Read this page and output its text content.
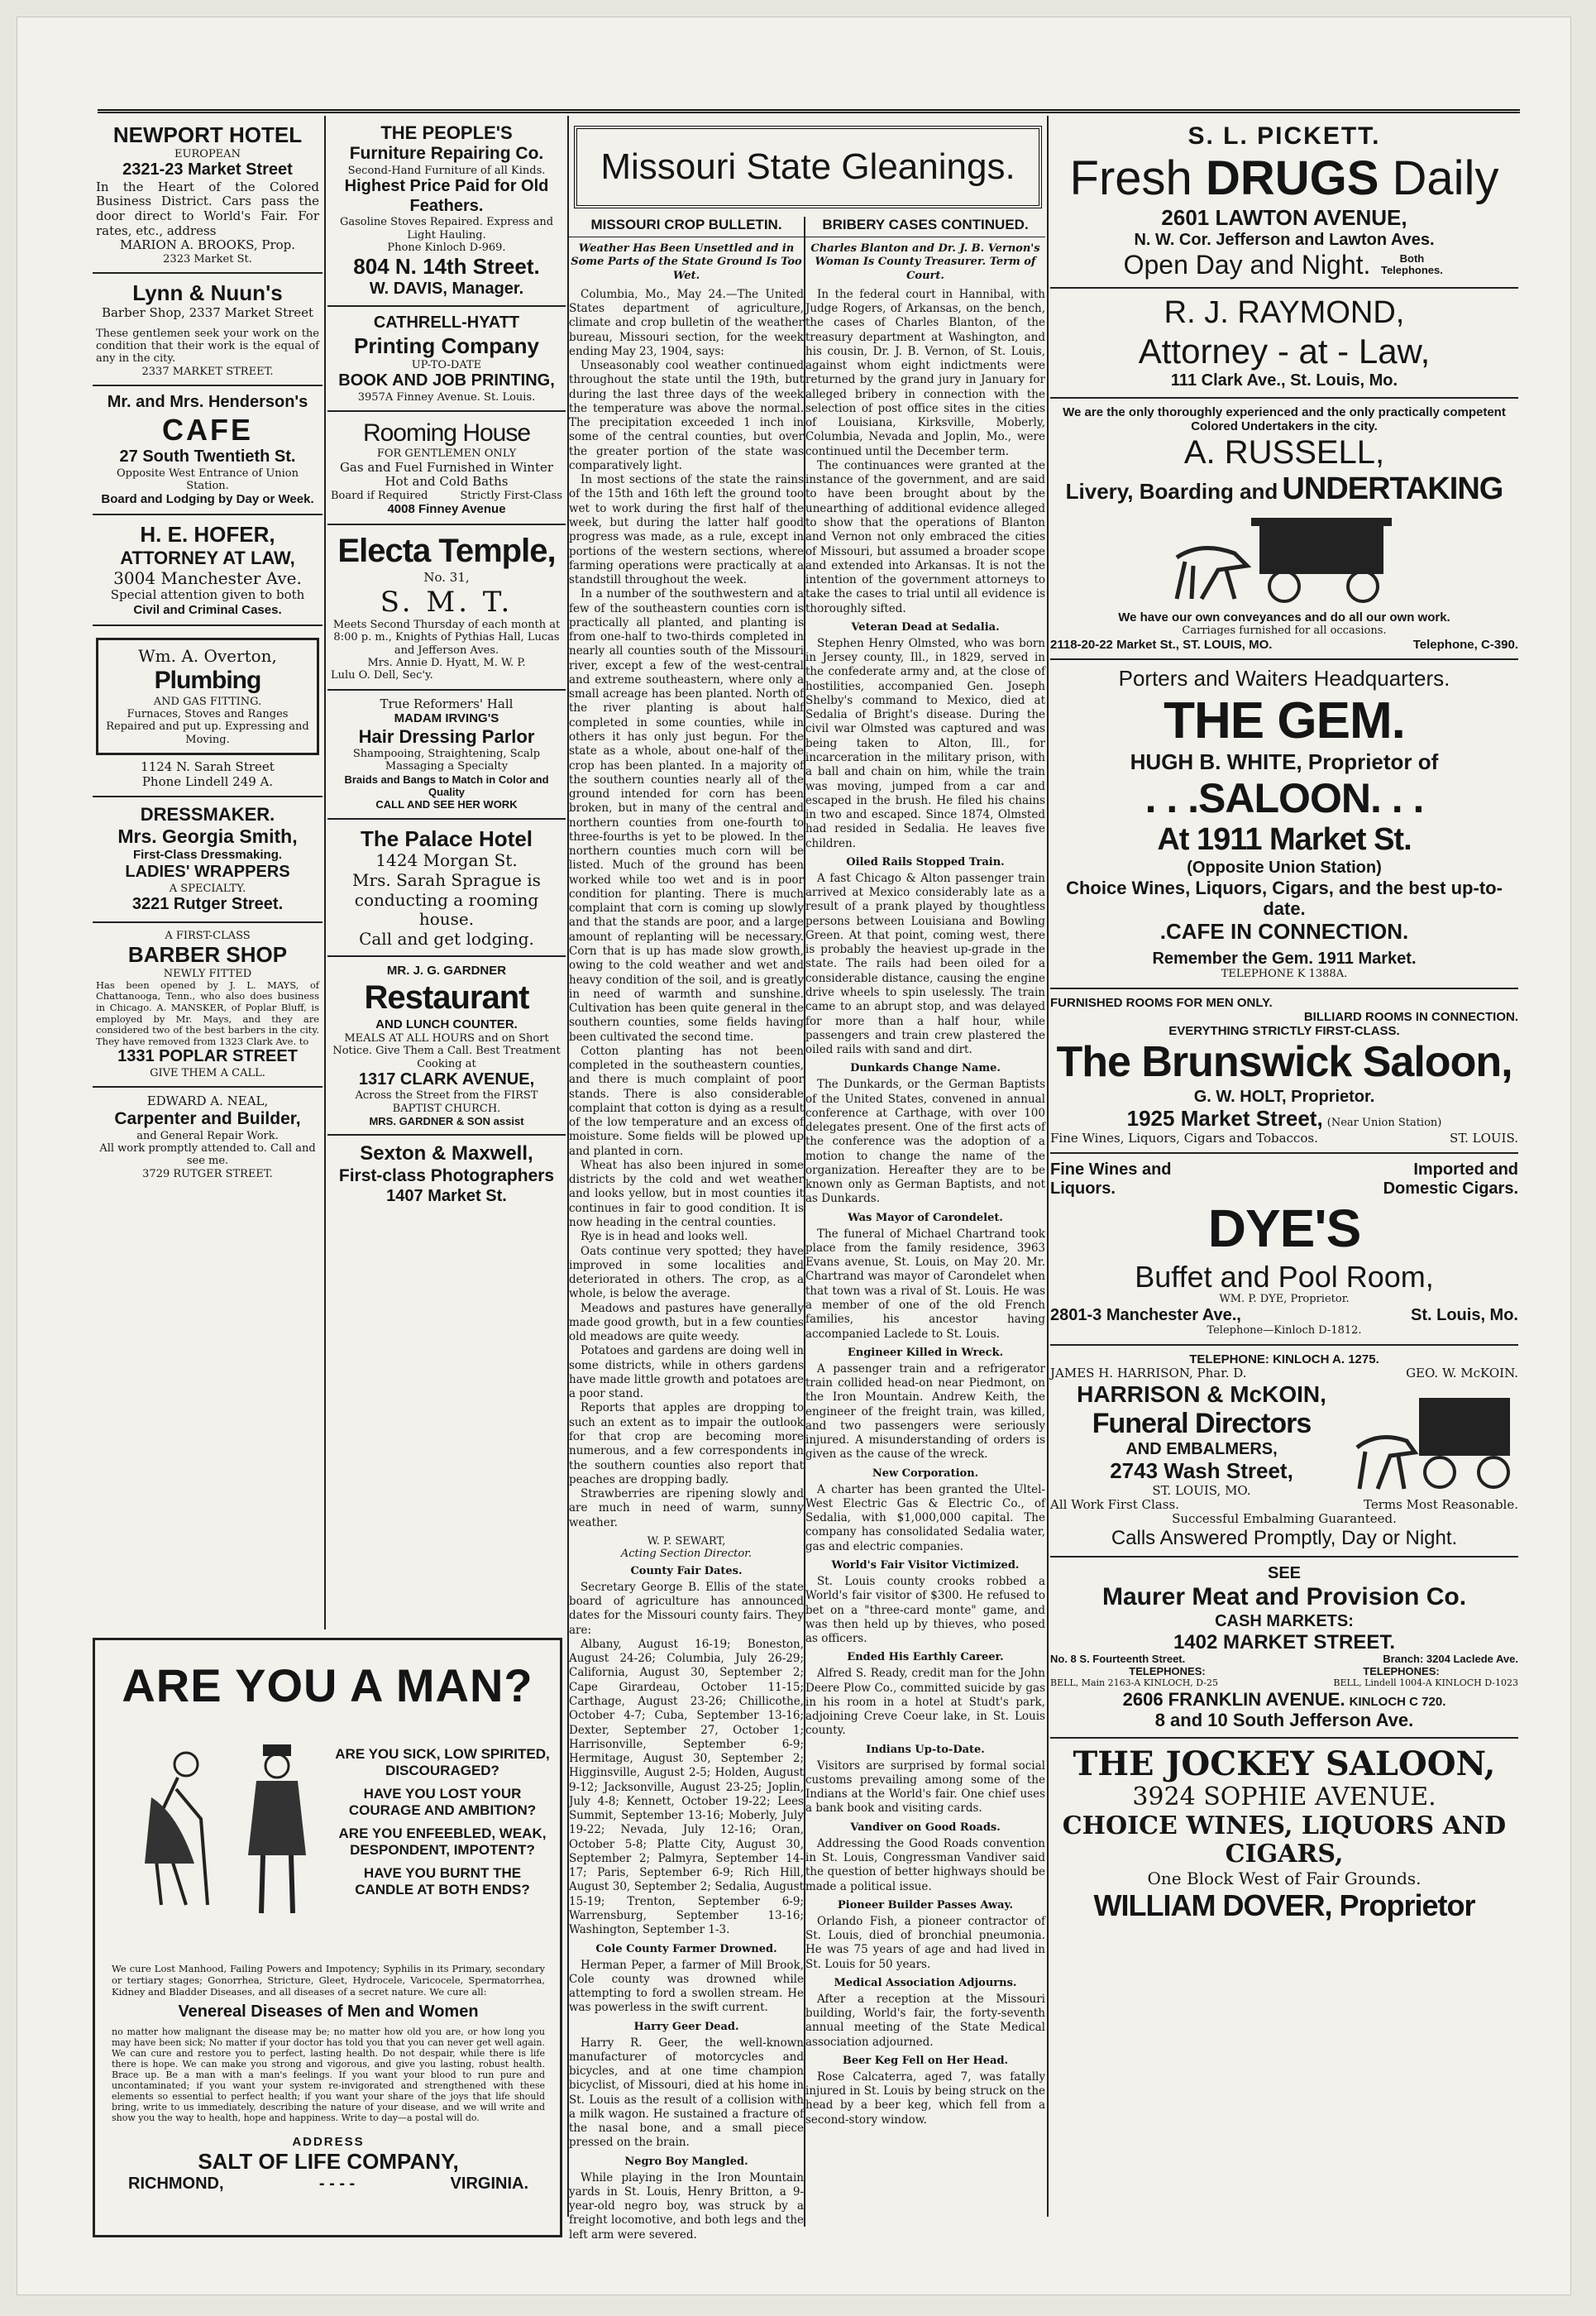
NEWPORT HOTEL
EUROPEAN
2321-23 Market Street
In the Heart of the Colored Business District. Cars pass the door direct to World's Fair. For rates, etc., address
MARION A. BROOKS, Prop.
2323 Market St.
Lynn & Nuun's
Barber Shop, 2337 Market Street
These gentlemen seek your work on the condition that their work is the equal of any in the city.
2337 MARKET STREET.
Mr. and Mrs. Henderson's
CAFE
27 South Twentieth St.
Opposite West Entrance of Union Station.
Board and Lodging by Day or Week.
H. E. HOFER,
ATTORNEY AT LAW,
3004 Manchester Ave.
Special attention given to both
Civil and Criminal Cases.
Wm. A. Overton,
Plumbing
AND GAS FITTING.
Furnaces, Stoves and Ranges Repaired and put up. Expressing and Moving.
1124 N. Sarah Street
Phone Lindell 249 A.
DRESSMAKER.
Mrs. Georgia Smith,
First-Class Dressmaking.
LADIES' WRAPPERS
A SPECIALTY.
3221 Rutger Street.
A FIRST-CLASS
BARBER SHOP
NEWLY FITTED
Has been opened by J. L. MAYS, of Chattanooga, Tenn., who also does business in Chicago. A. MANSKER, of Poplar Bluff, is employed by Mr. Mays, and they are considered two of the best barbers in the city. They have removed from 1323 Clark Ave. to
1331 POPLAR STREET
GIVE THEM A CALL.
EDWARD A. NEAL,
Carpenter and Builder,
and General Repair Work.
All work promptly attended to. Call and see me.
3729 RUTGER STREET.
THE PEOPLE'S
Furniture Repairing Co.
Second-Hand Furniture of all Kinds.
Highest Price Paid for Old Feathers.
Gasoline Stoves Repaired. Express and Light Hauling.
Phone Kinloch D-969.
804 N. 14th Street.
W. DAVIS, Manager.
CATHRELL-HYATT
Printing Company
UP-TO-DATE
BOOK AND JOB PRINTING,
3957A Finney Avenue. St. Louis.
Rooming House
FOR GENTLEMEN ONLY
Gas and Fuel Furnished in Winter Hot and Cold Baths
Board if Required	Strictly First-Class
4008 Finney Avenue
Electa Temple,
No. 31,
S. M. T.
Meets Second Thursday of each month at 8:00 p. m., Knights of Pythias Hall, Lucas and Jefferson Aves.
Mrs. Annie D. Hyatt, M. W. P.
Lulu O. Dell, Sec'y.
True Reformers' Hall
MADAM IRVING'S
Hair Dressing Parlor
Shampooing, Straightening, Scalp Massaging a Specialty
Braids and Bangs to Match in Color and Quality
CALL AND SEE HER WORK
The Palace Hotel
1424 Morgan St.
Mrs. Sarah Sprague is conducting a rooming house.
Call and get lodging.
MR. J. G. GARDNER
Restaurant
AND LUNCH COUNTER.
MEALS AT ALL HOURS and on Short Notice. Give Them a Call. Best Treatment Cooking at
1317 CLARK AVENUE,
Across the Street from the FIRST BAPTIST CHURCH.
MRS. GARDNER & SON assist
Sexton & Maxwell,
First-class Photographers
1407 Market St.
ARE YOU A MAN?
ARE YOU SICK, LOW SPIRITED, DISCOURAGED?
HAVE YOU LOST YOUR COURAGE AND AMBITION?
ARE YOU ENFEEBLED, WEAK, DESPONDENT, IMPOTENT?
HAVE YOU BURNT THE CANDLE AT BOTH ENDS?
We cure Lost Manhood, Failing Powers and Impotency; Syphilis in its Primary, secondary or tertiary stages; Gonorrhea, Stricture, Gleet, Hydrocele, Varicocele, Spermatorrhea, Kidney and Bladder Diseases, and all diseases of a secret nature. We cure all:
Venereal Diseases of Men and Women
no matter how malignant the disease may be; no matter how old you are, or how long you may have been sick; No matter if your doctor has told you that you can never get well again. We can cure and restore you to perfect, lasting health. Do not despair, while there is life there is hope. We can make you strong and vigorous, and give you lasting, robust health. Brace up. Be a man with a man's feelings. If you want your blood to run pure and uncontaminated; if you want your system re-invigorated and strengthened with these elements so essential to perfect health; if you want your share of the joys that life should bring, write to us immediately, describing the nature of your disease, and we will write and show you the way to health, hope and happiness. Write to day—a postal will do.
ADDRESS
SALT OF LIFE COMPANY,
RICHMOND,	- - - -	VIRGINIA.
Missouri State Gleanings.
MISSOURI CROP BULLETIN.
Weather Has Been Unsettled and in Some Parts of the State Ground Is Too Wet.

Columbia, Mo., May 24.—The United States department of agriculture, climate and crop bulletin of the weather bureau, Missouri section, for the week ending May 23, 1904, says:

Unseasonably cool weather continued throughout the state until the 19th, but during the last three days of the week the temperature was above the normal. The precipitation exceeded 1 inch in some of the central counties, but over the greater portion of the state was comparatively light.

In most sections of the state the rains of the 15th and 16th left the ground too wet to work during the first half of the week, but during the latter half good progress was made, as a rule, except in portions of the western sections, where farming operations were practically at a standstill throughout the week.

In a number of the southwestern and a few of the southeastern counties corn is practically all planted, and planting is from one-half to two-thirds completed in nearly all counties south of the Missouri river, except a few of the west-central and extreme southeastern, where only a small acreage has been planted. North of the river planting is about half completed in some counties, while in others it has only just begun. For the state as a whole, about one-half of the crop has been planted. In a majority of the southern counties nearly all of the ground intended for corn has been broken, but in many of the central and northern counties from one-fourth to three-fourths is yet to be plowed. In the northern counties much corn will be listed. Much of the ground has been worked while too wet and is in poor condition for planting. There is much complaint that corn is coming up slowly and that the stands are poor, and a large amount of replanting will be necessary. Corn that is up has made slow growth, owing to the cold weather and wet and heavy condition of the soil, and is greatly in need of warmth and sunshine. Cultivation has been quite general in the southern counties, some fields having been cultivated the second time.

Cotton planting has not been completed in the southeastern counties, and there is much complaint of poor stands. There is also considerable complaint that cotton is dying as a result of the low temperature and an excess of moisture. Some fields will be plowed up and planted in corn.

Wheat has also been injured in some districts by the cold and wet weather and looks yellow, but in most counties it continues in fair to good condition. It is now heading in the central counties.

Rye is in head and looks well.

Oats continue very spotted; they have improved in some localities and deteriorated in others. The crop, as a whole, is below the average.

Meadows and pastures have generally made good growth, but in a few counties old meadows are quite weedy.

Potatoes and gardens are doing well in some districts, while in others gardens have made little growth and potatoes are a poor stand.

Reports that apples are dropping to such an extent as to impair the outlook for that crop are becoming more numerous, and a few correspondents in the southern counties also report that peaches are dropping badly.

Strawberries are ripening slowly and are much in need of warm, sunny weather.

W. P. SEWART,
Acting Section Director.
County Fair Dates.

Secretary George B. Ellis of the state board of agriculture has announced dates for the Missouri county fairs. They are:

Albany, August 16-19; Boneston, August 24-26; Columbia, July 26-29; California, August 30, September 2; Cape Girardeau, October 11-15; Carthage, August 23-26; Chillicothe, October 4-7; Cuba, September 13-16; Dexter, September 27, October 1; Harrisonville, September 6-9; Hermitage, August 30, September 2; Higginsville, August 2-5; Holden, August 9-12; Jacksonville, August 23-25; Joplin, July 4-8; Kennett, October 19-22; Lees Summit, September 13-16; Moberly, July 19-22; Nevada, July 12-16; Oran, October 5-8; Platte City, August 30, September 2; Palmyra, September 14-17; Paris, September 6-9; Rich Hill, August 30, September 2; Sedalia, August 15-19; Trenton, September 6-9; Warrensburg, September 13-16; Washington, September 1-3.

Cole County Farmer Drowned.

Herman Peper, a farmer of Mill Brook, Cole county was drowned while attempting to ford a swollen stream. He was powerless in the swift current.

Harry Geer Dead.

Harry R. Geer, the well-known manufacturer of motorcycles and bicycles, and at one time champion bicyclist, of Missouri, died at his home in St. Louis as the result of a collision with a milk wagon. He sustained a fracture of the nasal bone, and a small piece pressed on the brain.

Negro Boy Mangled.

While playing in the Iron Mountain yards in St. Louis, Henry Britton, a 9-year-old negro boy, was struck by a freight locomotive, and both legs and the left arm were severed.

BRIBERY CASES CONTINUED.
Charles Blanton and Dr. J. B. Vernon's Woman Is County Treasurer. Term of Court.

In the federal court in Hannibal, with Judge Rogers, of Arkansas, on the bench, the cases of Charles Blanton, of the treasury department at Washington, and his cousin, Dr. J. B. Vernon, of St. Louis, against whom eight indictments were returned by the grand jury in January for alleged bribery in connection with the selection of post office sites in the cities of Louisiana, Kirksville, Moberly, Columbia, Nevada and Joplin, Mo., were continued until the December term.

The continuances were granted at the instance of the government, and are said to have been brought about by the unearthing of additional evidence alleged to show that the operations of Blanton and Vernon not only embraced the cities of Missouri, but assumed a broader scope and extended into Arkansas. It is not the intention of the government attorneys to take the cases to trial until all evidence is thoroughly sifted.

Veteran Dead at Sedalia.

Stephen Henry Olmsted, who was born in Jersey county, Ill., in 1829, served in the confederate army and, at the close of hostilities, accompanied Gen. Joseph Shelby's command to Mexico, died at Sedalia of Bright's disease. During the civil war Olmsted was captured and was being taken to Alton, Ill., for incarceration in the military prison, with a ball and chain on him, while the train was moving, jumped from a car and escaped in the brush. He filed his chains in two and escaped. Since 1874, Olmsted had resided in Sedalia. He leaves five children.

Oiled Rails Stopped Train.

A fast Chicago & Alton passenger train arrived at Mexico considerably late as a result of a prank played by thoughtless persons between Louisiana and Bowling Green. At that point, coming west, there is probably the heaviest up-grade in the state. The rails had been oiled for a considerable distance, causing the engine drive wheels to spin uselessly. The train came to an abrupt stop, and was delayed for more than a half hour, while passengers and train crew plastered the oiled rails with sand and dirt.

Dunkards Change Name.

The Dunkards, or the German Baptists of the United States, convened in annual conference at Carthage, with over 100 delegates present. One of the first acts of the conference was the adoption of a motion to change the name of the organization. Hereafter they are to be known only as German Baptists, and not as Dunkards.

Was Mayor of Carondelet.

The funeral of Michael Chartrand took place from the family residence, 3963 Evans avenue, St. Louis, on May 20. Mr. Chartrand was mayor of Carondelet when that town was a rival of St. Louis. He was a member of one of the old French families, his ancestor having accompanied Laclede to St. Louis.

Engineer Killed in Wreck.

A passenger train and a refrigerator train collided head-on near Piedmont, on the Iron Mountain. Andrew Keith, the engineer of the freight train, was killed, and two passengers were seriously injured. A misunderstanding of orders is given as the cause of the wreck.

New Corporation.

A charter has been granted the Ultel-West Electric Gas & Electric Co., of Sedalia, with $1,000,000 capital. The company has consolidated Sedalia water, gas and electric companies.

World's Fair Visitor Victimized.

St. Louis county crooks robbed a World's fair visitor of $300. He refused to bet on a "three-card monte" game, and was then held up by thieves, who posed as officers.

Ended His Earthly Career.

Alfred S. Ready, credit man for the John Deere Plow Co., committed suicide by gas in his room in a hotel at Studt's park, adjoining Creve Coeur lake, in St. Louis county.

Indians Up-to-Date.

Visitors are surprised by formal social customs prevailing among some of the Indians at the World's fair. One chief uses a bank book and visiting cards.

Vandiver on Good Roads.

Addressing the Good Roads convention in St. Louis, Congressman Vandiver said the question of better highways should be made a political issue.

Pioneer Builder Passes Away.

Orlando Fish, a pioneer contractor of St. Louis, died of bronchial pneumonia. He was 75 years of age and had lived in St. Louis for 50 years.

Medical Association Adjourns.

After a reception at the Missouri building, World's fair, the forty-seventh annual meeting of the State Medical association adjourned.

Beer Keg Fell on Her Head.

Rose Calcaterra, aged 7, was fatally injured in St. Louis by being struck on the head by a beer keg, which fell from a second-story window.

S. L. PICKETT.
Fresh DRUGS Daily
2601 LAWTON AVENUE,
N. W. Cor. Jefferson and Lawton Aves.
Open Day and Night.	Both Telephones.
R. J. RAYMOND,
Attorney - at - Law,
111 Clark Ave., St. Louis, Mo.
We are the only thoroughly experienced and the only practically competent Colored Undertakers in the city.
A. RUSSELL,
Livery, Boarding and UNDERTAKING
We have our own conveyances and do all our own work.
Carriages furnished for all occasions.
2118-20-22 Market St., ST. LOUIS, MO.	Telephone, C-390.
Porters and Waiters Headquarters.
THE GEM.
HUGH B. WHITE, Proprietor of
. . .SALOON. . .
At 1911 Market St.
(Opposite Union Station)
Choice Wines, Liquors, Cigars, and the best up-to-date.
.CAFE IN CONNECTION.
Remember the Gem. 1911 Market.
TELEPHONE K 1388A.
FURNISHED ROOMS FOR MEN ONLY.
BILLIARD ROOMS IN CONNECTION.
EVERYTHING STRICTLY FIRST-CLASS.
The Brunswick Saloon,
G. W. HOLT, Proprietor.
1925 Market Street, (Near Union Station)
Fine Wines, Liquors, Cigars and Tobaccos.	ST. LOUIS.
Fine Wines and Liquors.
Imported and Domestic Cigars.
DYE'S
Buffet and Pool Room,
WM. P. DYE, Proprietor.
2801-3 Manchester Ave.,	St. Louis, Mo.
Telephone—Kinloch D-1812.
TELEPHONE: KINLOCH A. 1275.
JAMES H. HARRISON, Phar. D.	GEO. W. McKOIN.
HARRISON & McKOIN,
Funeral Directors
AND EMBALMERS,
2743 Wash Street,
ST. LOUIS, MO.
All Work First Class.	Terms Most Reasonable.
Successful Embalming Guaranteed.
Calls Answered Promptly, Day or Night.
SEE
Maurer Meat and Provision Co.
CASH MARKETS:
1402 MARKET STREET.
No. 8 S. Fourteenth Street.	Branch: 3204 Laclede Ave.
TELEPHONES:	TELEPHONES:
BELL, Main 2163-A KINLOCH, D-25	BELL, Lindell 1004-A KINLOCH D-1023
2606 FRANKLIN AVENUE. KINLOCH C 720.
8 and 10 South Jefferson Ave.
THE JOCKEY SALOON,
3924 SOPHIE AVENUE.
CHOICE WINES, LIQUORS AND CIGARS,
One Block West of Fair Grounds.
WILLIAM DOVER, Proprietor
